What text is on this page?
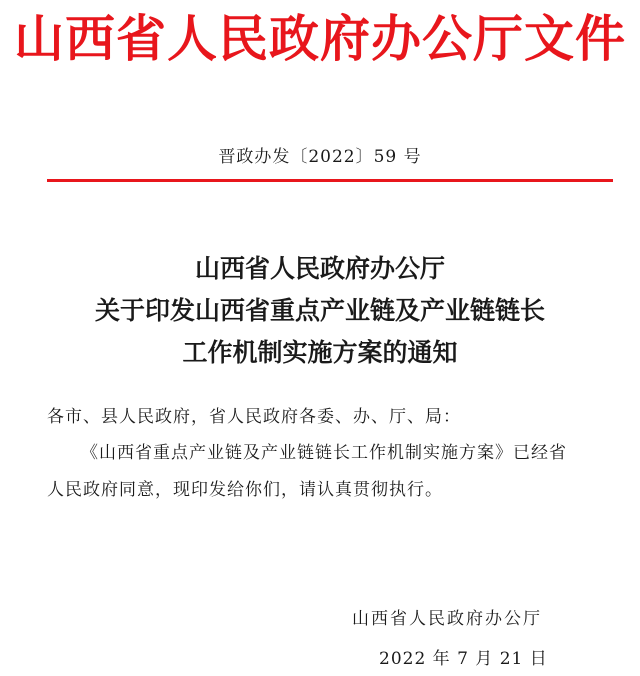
山西省人民政府办公厅文件
晋政办发〔2022〕59 号
山西省人民政府办公厅
关于印发山西省重点产业链及产业链链长
工作机制实施方案的通知
各市、县人民政府，省人民政府各委、办、厅、局：
《山西省重点产业链及产业链链长工作机制实施方案》已经省
人民政府同意，现印发给你们，请认真贯彻执行。
山西省人民政府办公厅
2022 年 7 月 21 日
